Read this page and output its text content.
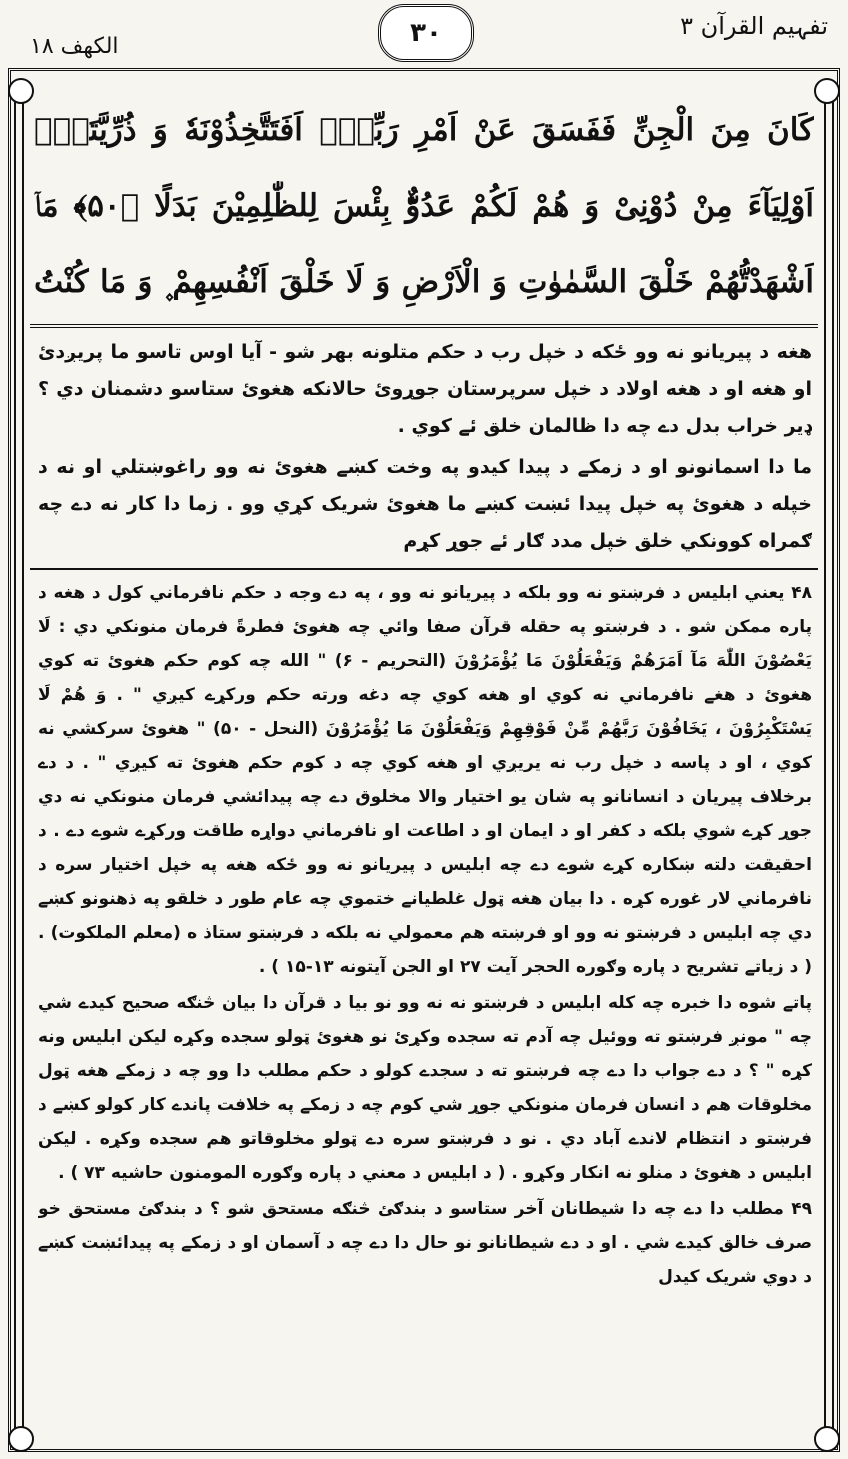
الکھف ۱۸	۳۰	تفہیم القرآن ۳
كَانَ مِنَ الْجِنِّ فَفَسَقَ عَنْ اَمْرِ رَبِّهٖؕ اَفَتَتَّخِذُوْنَهٗ وَ ذُرِّیَّتَهٗۤ اَوْلِیَآءَ مِنْ دُوْنِیْ وَ هُمْ لَكُمْ عَدُوٌّؕ بِئْسَ لِلظّٰلِمِیْنَ بَدَلًا ﴿۵۰﴾ مَاۤ اَشْهَدْتُّهُمْ خَلْقَ السَّمٰوٰتِ وَ الْاَرْضِ وَ لَا خَلْقَ اَنْفُسِهِمْ ۪ وَ مَا كُنْتُ

هغه د پیریانو نه وو ځکه د خپل رب د حکم متلونه بهر شو - آیا اوس تاسو ما پریږدئ او هغه او د هغه اولاد د خپل سرپرستان جوړوئ حالانکه هغوئ ستاسو دشمنان دي ؟ ډیر خراب بدل دے چه دا ظالمان خلق ئے کوي .

ما دا اسمانونو او د زمکے د پیدا کیدو په وخت کښے هغوئ نه وو راغوښتلي او نه د خپله د هغوئ په خپل پیدا ئښت کښے ما هغوئ شریک کړي وو . زما دا کار نه دے چه ګمراه کوونکي خلق خپل مدد ګار ئے جوړ کړم

۴۸ یعني ابلیس د فرښتو نه وو بلکه د پیریانو نه وو ، په دے وجه د حکم نافرماني کول د هغه د پاره ممکن شو . د فرښتو په حقله قرآن صفا وائي چه هغوئ فطرةً فرمان منونکي دي : لَا يَعْصُوْنَ اللّٰهَ مَآ اَمَرَهُمْ وَيَفْعَلُوْنَ مَا يُؤْمَرُوْنَ (التحریم - ۶) " الله چه کوم حکم هغوئ ته کوي هغوئ د هغے نافرماني نه کوي او هغه کوي چه دغه ورته حکم ورکړے کیږي " . وَ هُمْ لَا يَسْتَكْبِرُوْنَ ، يَخَافُوْنَ رَبَّهُمْ مِّنْ فَوْقِهِمْ وَيَفْعَلُوْنَ مَا يُؤْمَرُوْنَ (النحل - ۵۰) " هغوئ سرکشي نه کوي ، او د پاسه د خپل رب نه یریږي او هغه کوي چه د کوم حکم هغوئ ته کیږي " . د دے برخلاف پیریان د انسانانو په شان یو اختیار والا مخلوق دے چه پیدائشي فرمان منونکي نه دي جوړ کړے شوي بلکه د کفر او د ایمان او د اطاعت او نافرماني دواړه طاقت ورکړے شوے دے . د احقیقت دلته ښکاره کړے شوے دے چه ابلیس د پیریانو نه وو ځکه هغه په خپل اختیار سره د نافرماني لار غوره کړه . دا بیان هغه ټول غلطیانے ختموي چه عام طور د خلقو په ذهنونو کښے دي چه ابلیس د فرښتو نه وو او فرښته هم معمولي نه بلکه د فرښتو ستاذ ه (معلم الملکوت) . ( د زیاتے تشریح د پاره وګوره الحجر آیت ۲۷ او الجن آیتونه ۱۳-۱۵ ) .

پاتے شوه دا خبره چه کله ابلیس د فرښتو نه نه وو نو بیا د قرآن دا بیان څنګه صحیح کیدے شي چه " مونږ فرښتو ته ووئیل چه آدم ته سجده وکړئ نو هغوئ ټولو سجده وکړه لیکن ابلیس ونه کړه " ؟ د دے جواب دا دے چه فرښتو ته د سجدے کولو د حکم مطلب دا وو چه د زمکے هغه ټول مخلوقات هم د انسان فرمان منونکي جوړ شي کوم چه د زمکے په خلافت پاندے کار کولو کښے د فرښتو د انتظام لاندے آباد دي . نو د فرښتو سره دے ټولو مخلوقاتو هم سجده وکړه . لیکن ابلیس د هغوئ د منلو نه انکار وکړو . ( د ابلیس د معني د پاره وګوره المومنون حاشیه ۷۳ ) .

۴۹ مطلب دا دے چه دا شیطانان آخر ستاسو د بندګئ څنګه مستحق شو ؟ د بندګئ مستحق خو صرف خالق کیدے شي . او د دے شیطانانو نو حال دا دے چه د آسمان او د زمکے په پیدائښت کښے د دوي شریک کیدل
